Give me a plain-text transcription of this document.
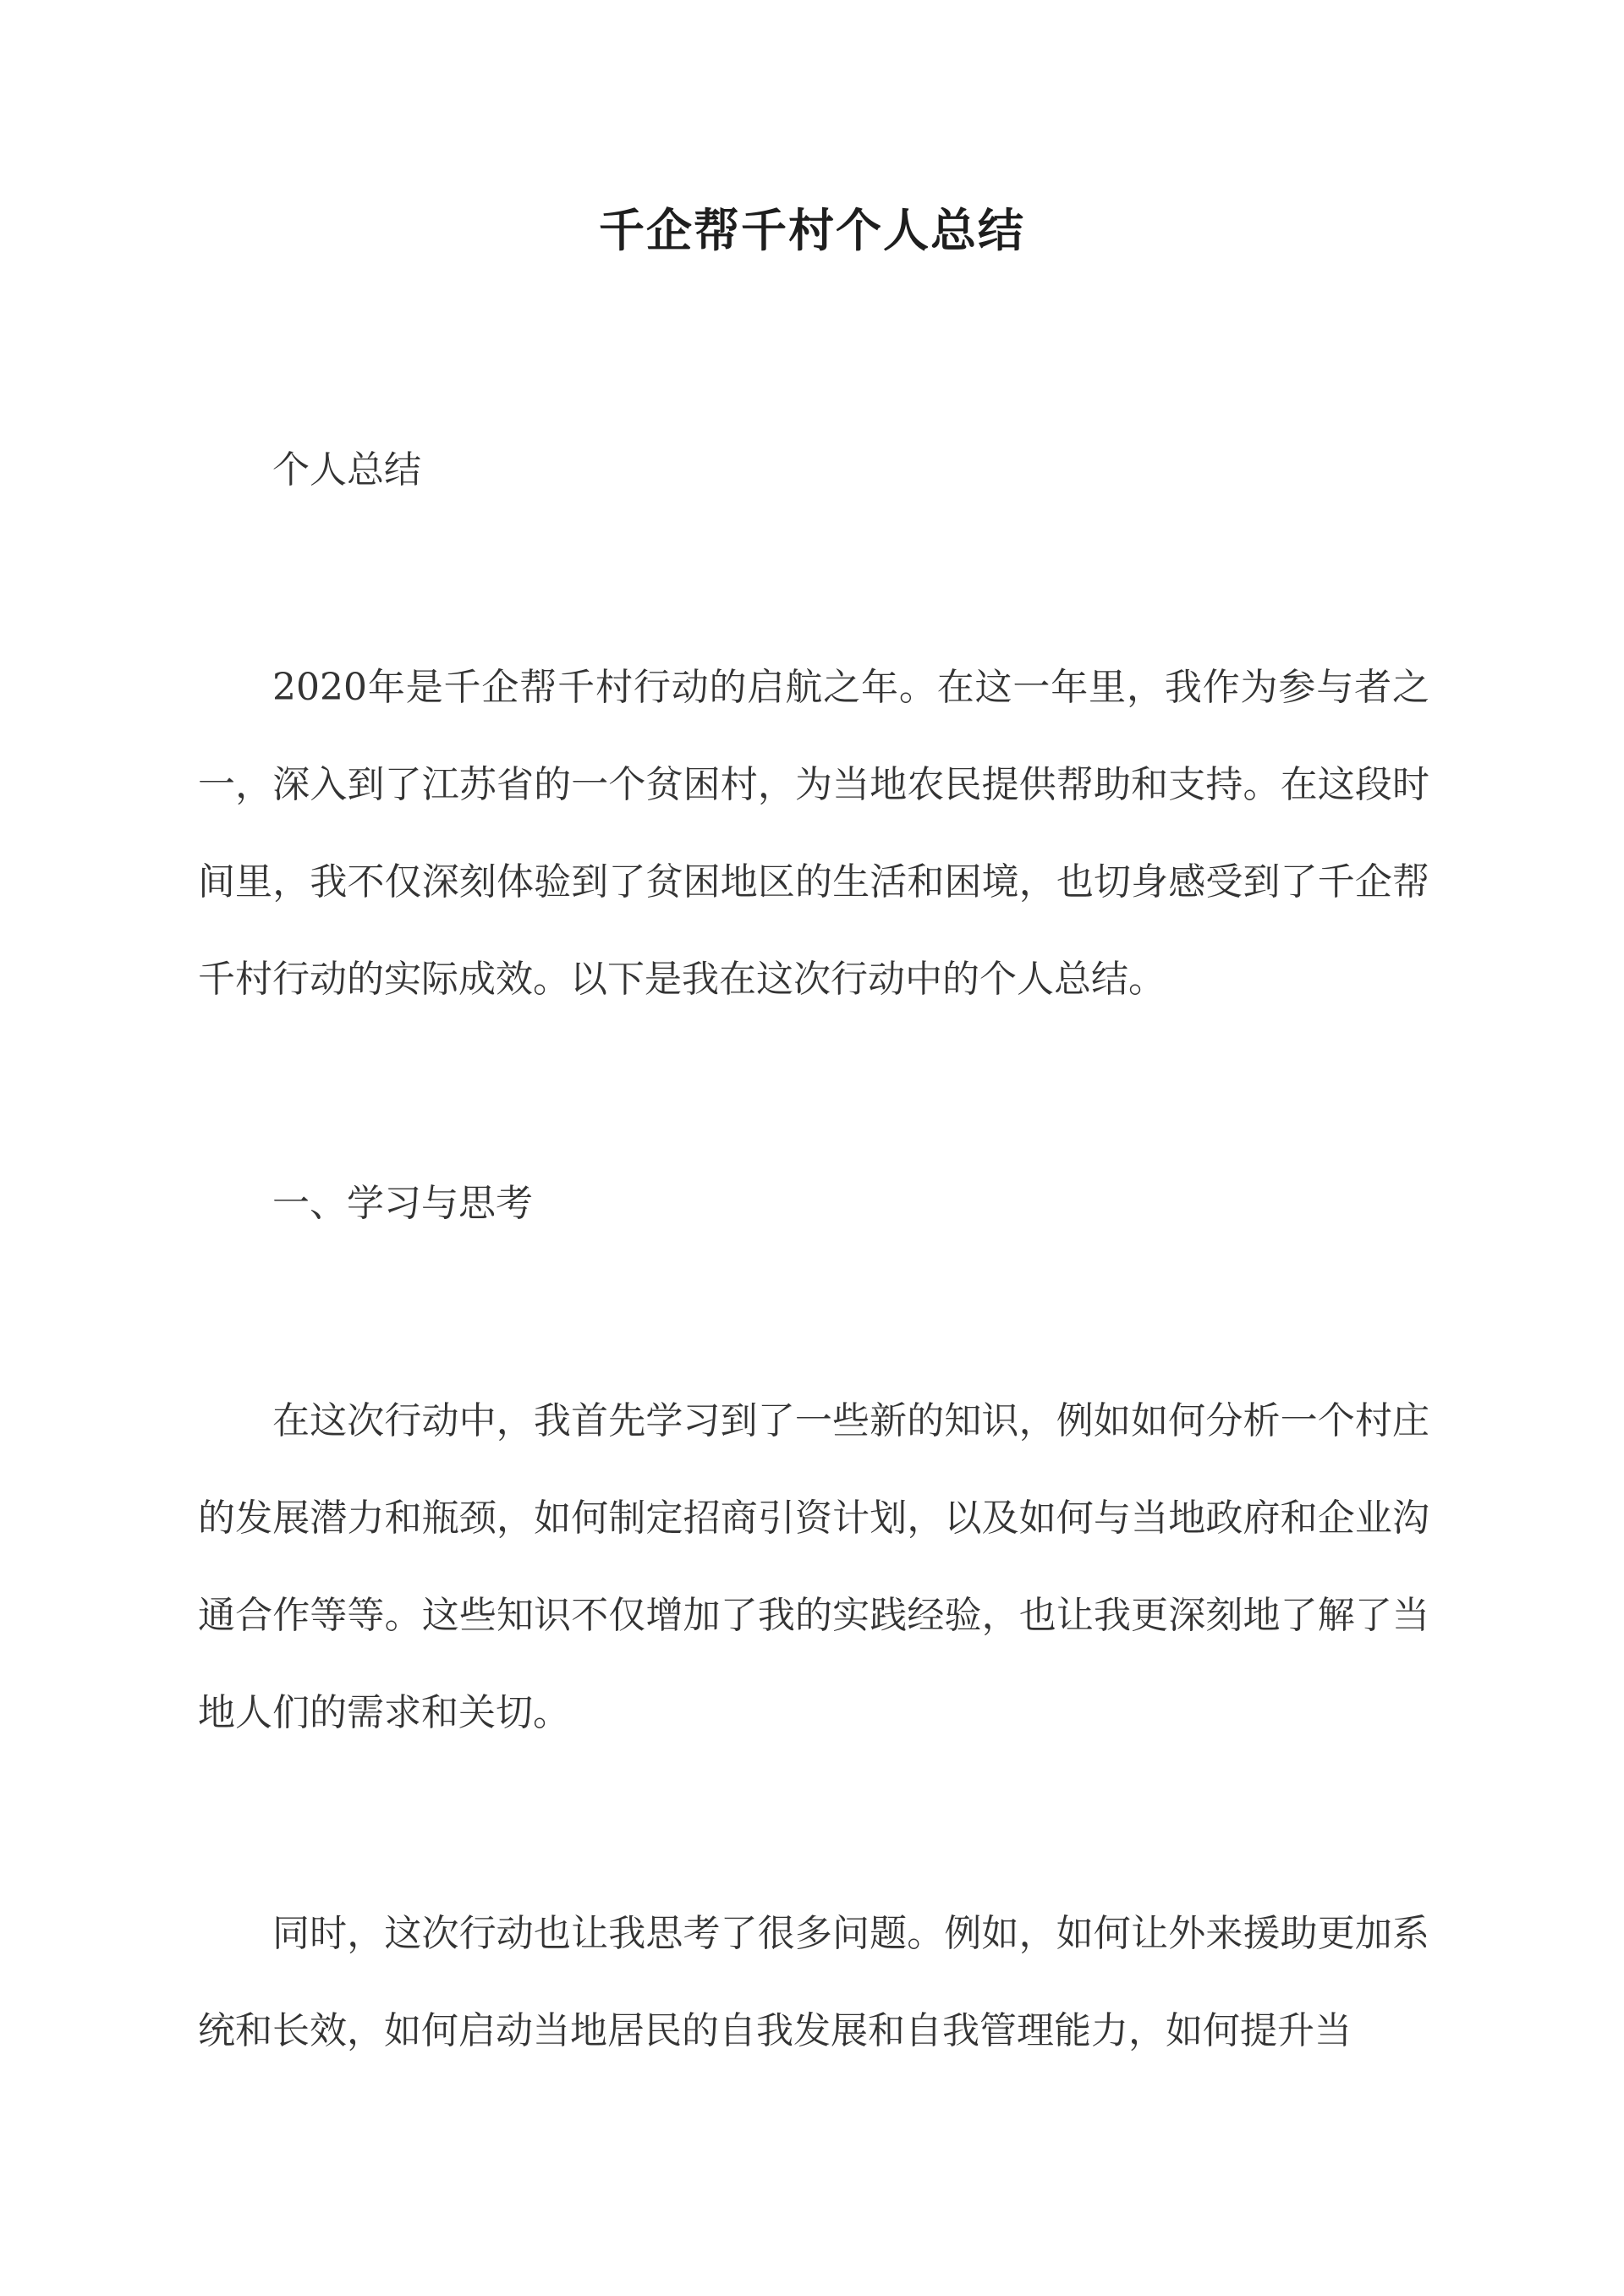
千企帮千村个人总结
个人总结
2020年是千企帮千村行动的启航之年。在这一年里，我作为参与者之一，深入到了江苏省的一个贫困村，为当地农民提供帮助和支持。在这段时间里，我不仅深刻体验到了贫困地区的生活和困境，也切身感受到了千企帮千村行动的实际成效。以下是我在这次行动中的个人总结。
一、学习与思考
在这次行动中，我首先学习到了一些新的知识，例如如何分析一个村庄的发展潜力和瓶颈，如何制定招商引资计划，以及如何与当地政府和企业沟通合作等等。这些知识不仅增加了我的实践经验，也让我更深刻地了解了当地人们的需求和关切。
同时，这次行动也让我思考了很多问题。例如，如何让外来援助更加系统和长效，如何启动当地居民的自我发展和自我管理能力，如何提升当
